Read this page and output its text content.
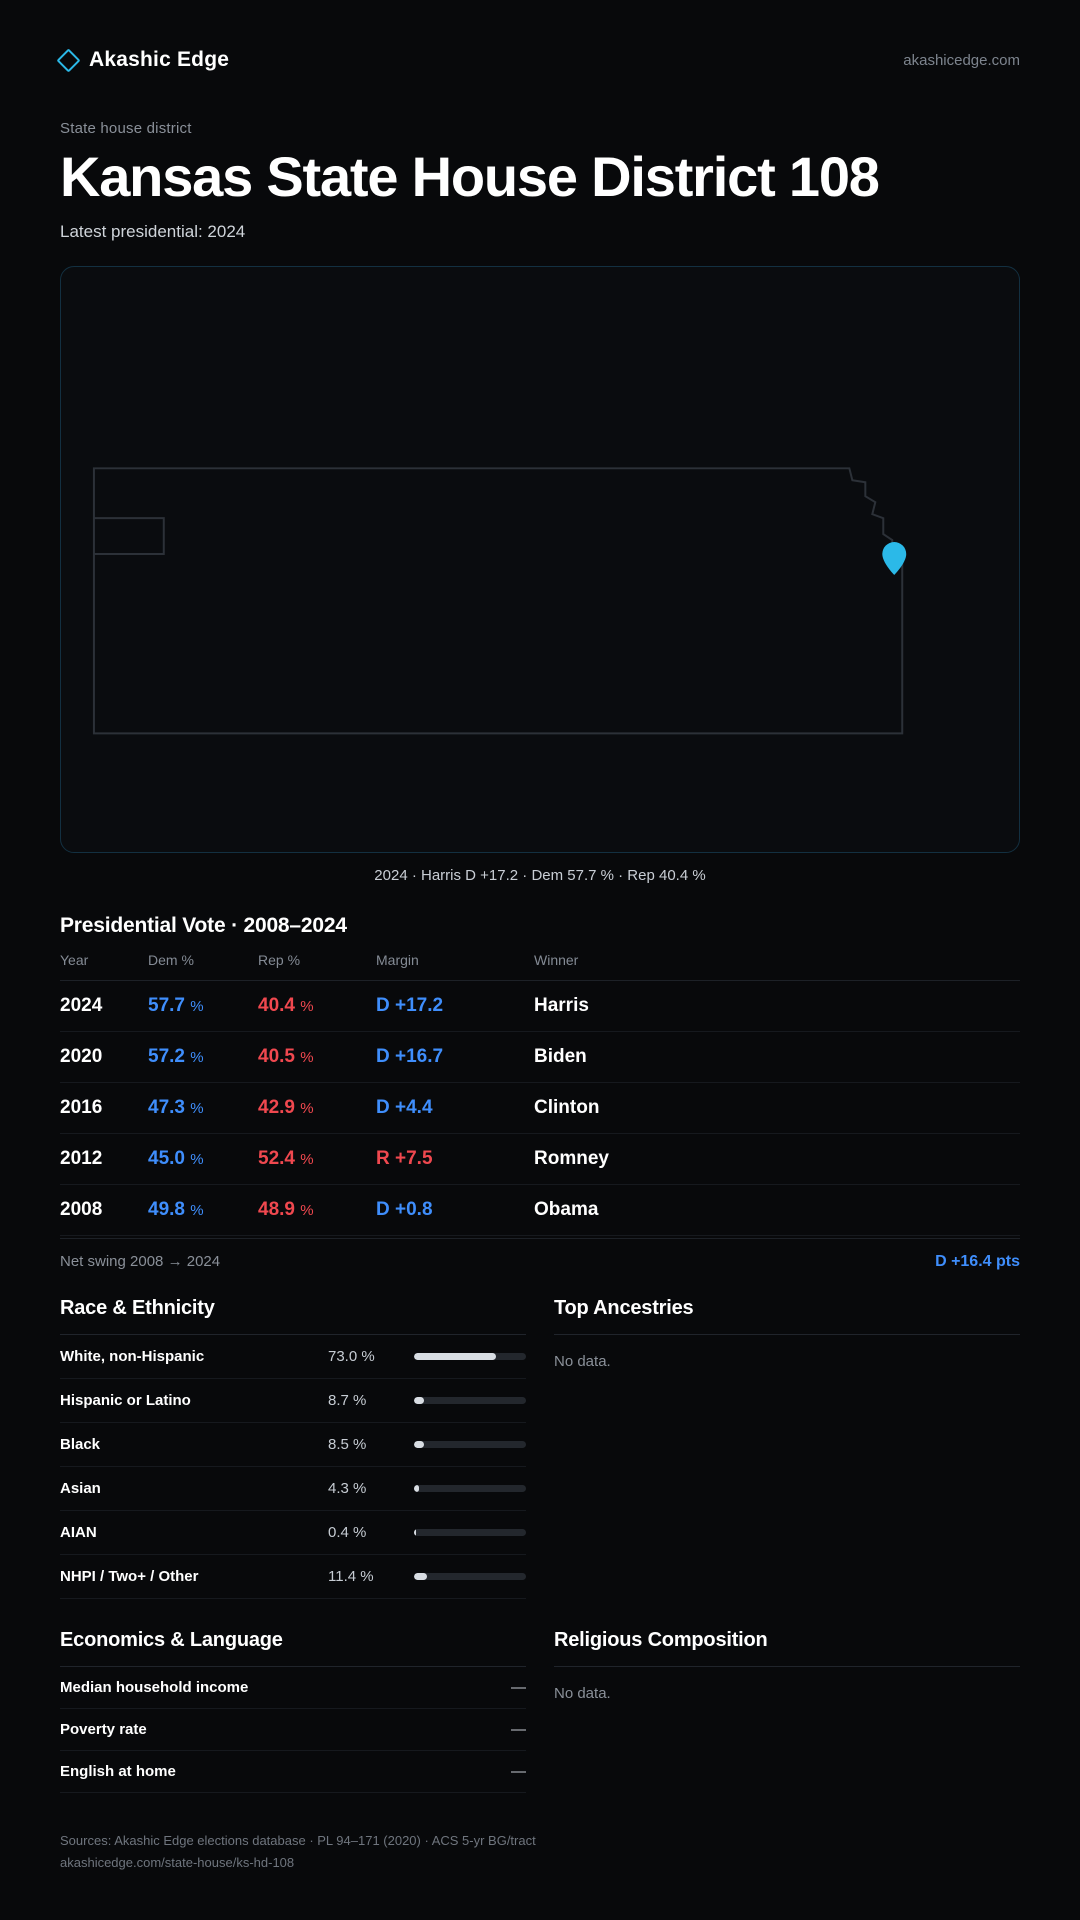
Akashic Edge	akashicedge.com
State house district
Kansas State House District 108
Latest presidential: 2024
2024 · Harris D +17.2 · Dem 57.7 % · Rep 40.4 %
Presidential Vote · 2008–2024
Year	Dem %	Rep %	Margin	Winner
2024	57.7 %	40.4 %	D +17.2	Harris
2020	57.2 %	40.5 %	D +16.7	Biden
2016	47.3 %	42.9 %	D +4.4	Clinton
2012	45.0 %	52.4 %	R +7.5	Romney
2008	49.8 %	48.9 %	D +0.8	Obama
Net swing 2008 → 2024	D +16.4 pts
Race & Ethnicity
White, non-Hispanic	73.0 %
Hispanic or Latino	8.7 %
Black	8.5 %
Asian	4.3 %
AIAN	0.4 %
NHPI / Two+ / Other	11.4 %
Top Ancestries
No data.
Economics & Language
Median household income	—
Poverty rate	—
English at home	—
Religious Composition
No data.
Sources: Akashic Edge elections database · PL 94–171 (2020) · ACS 5-yr BG/tract
akashicedge.com/state-house/ks-hd-108
